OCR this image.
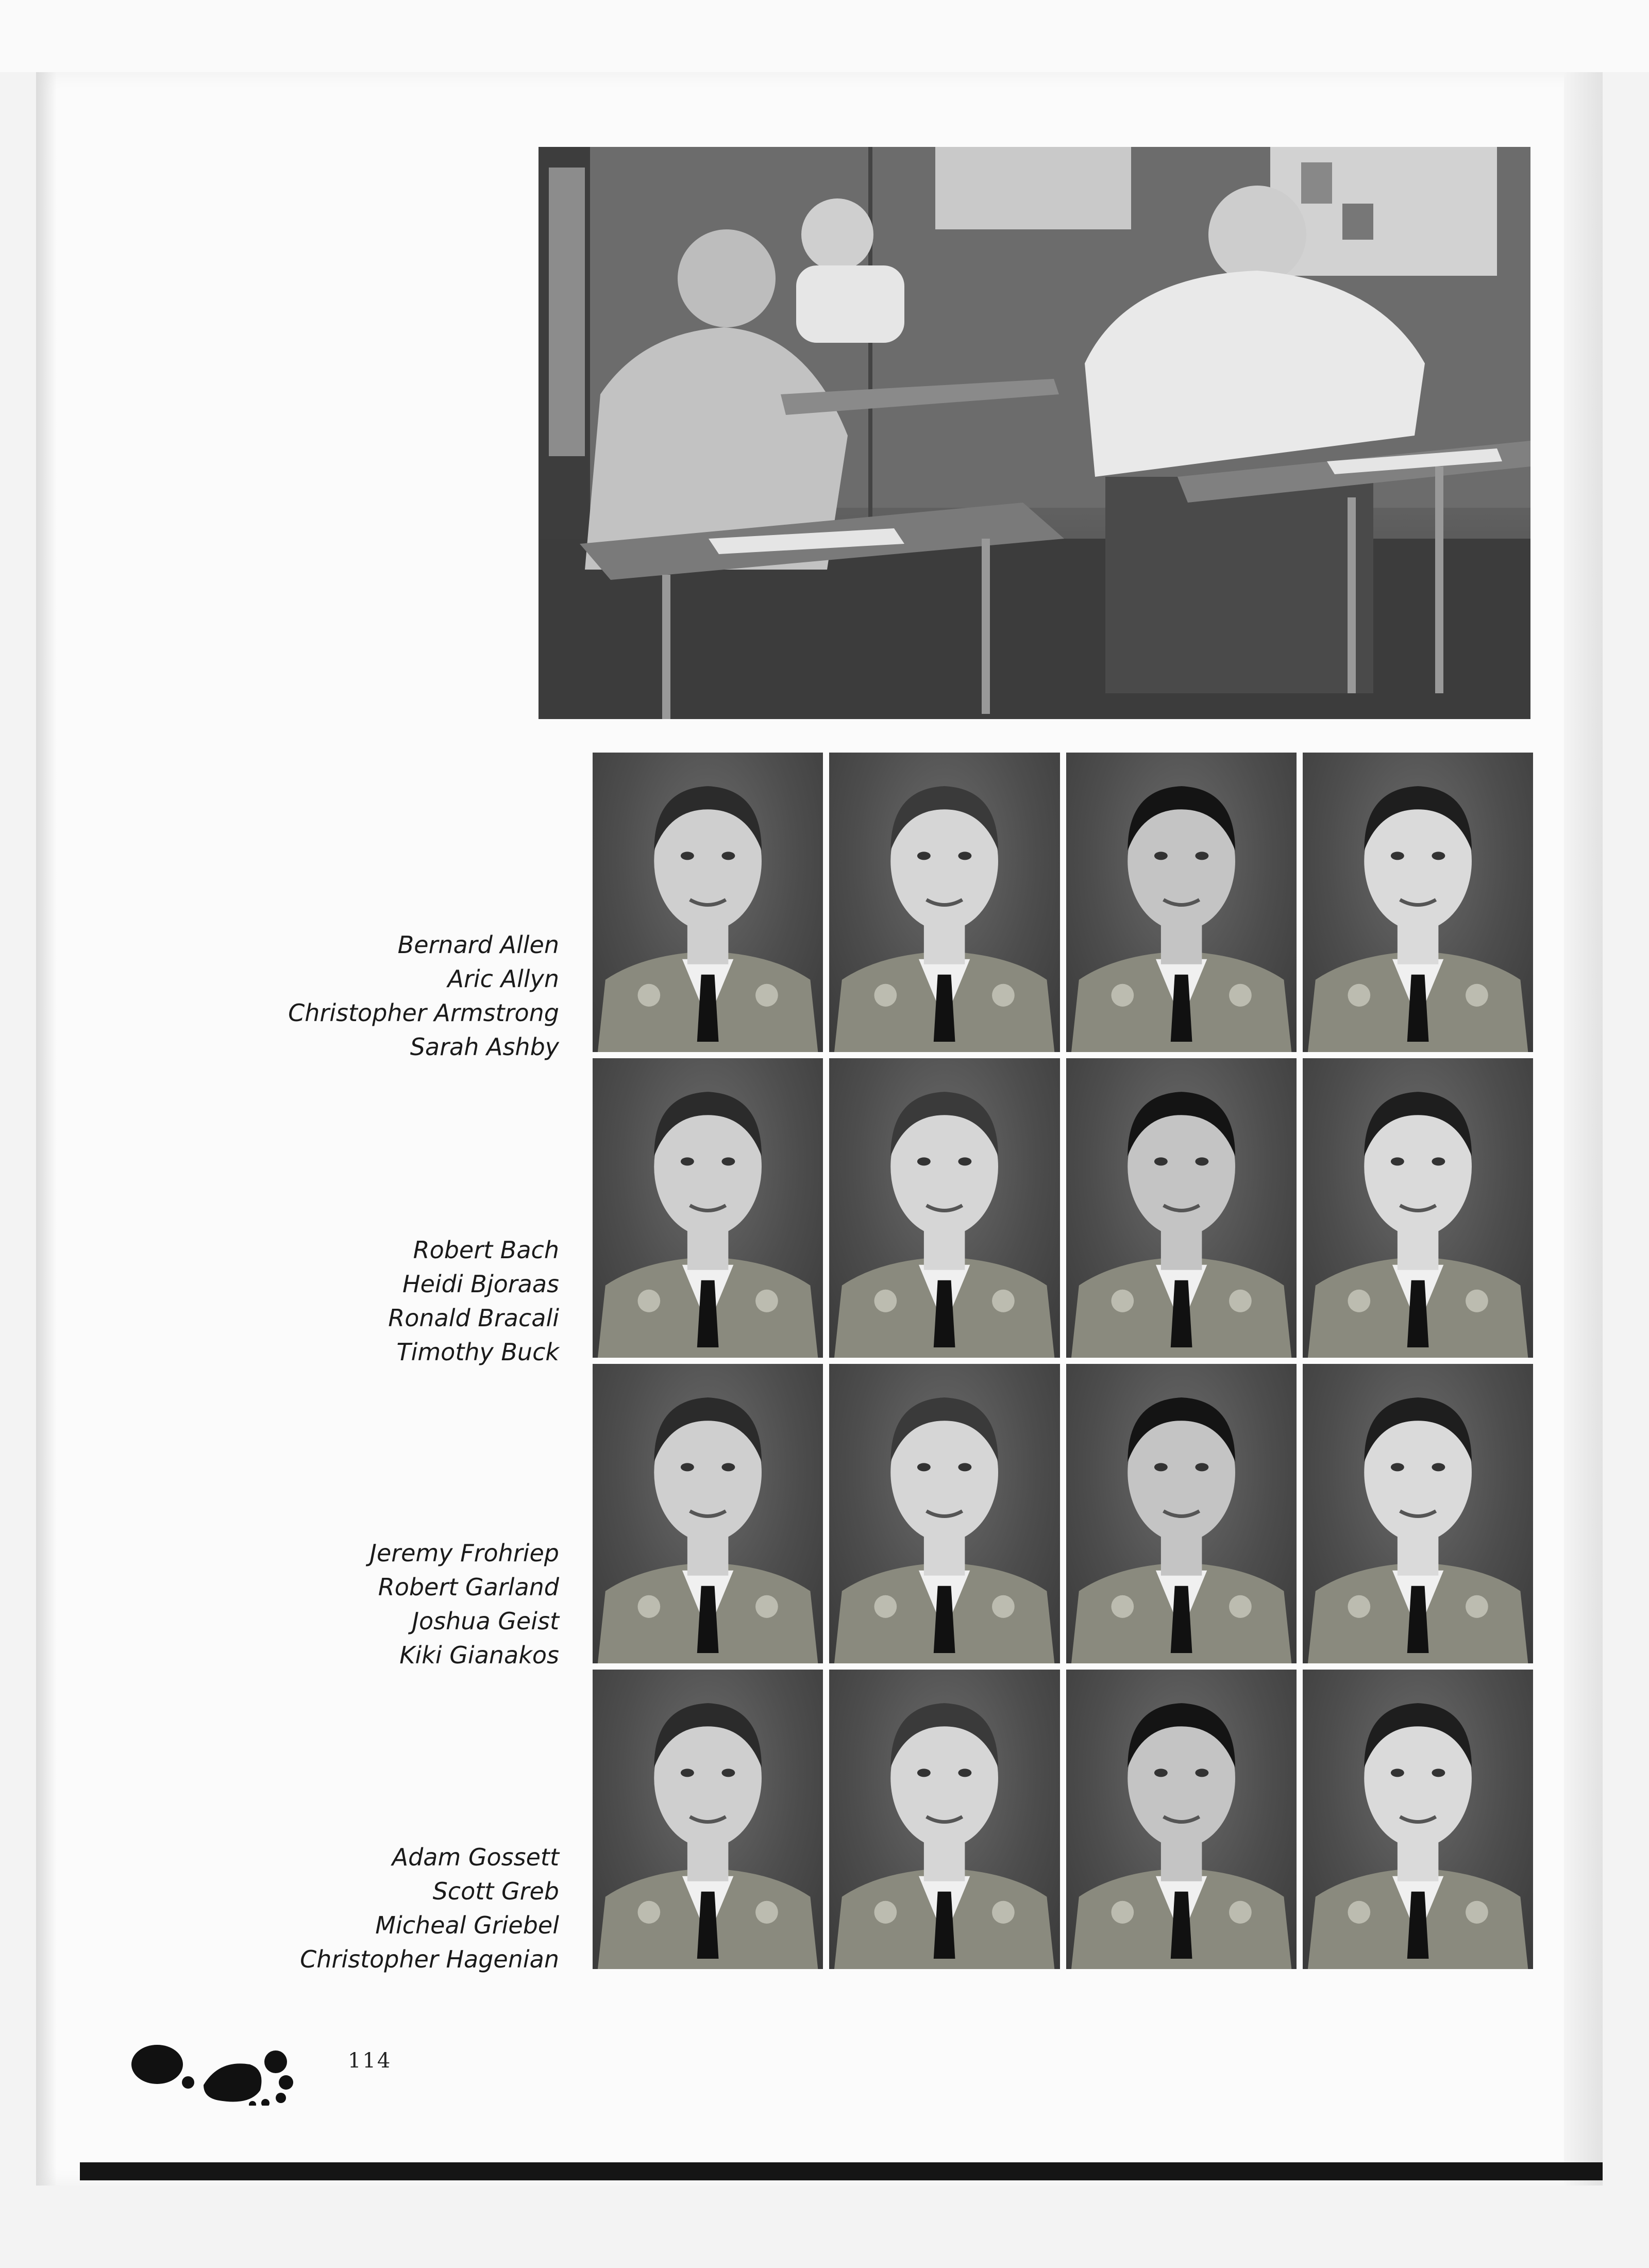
Bernard Allen
Aric Allyn
Christopher Armstrong
Sarah Ashby
Robert Bach
Heidi Bjoraas
Ronald Bracali
Timothy Buck
Jeremy Frohriep
Robert Garland
Joshua Geist
Kiki Gianakos
Adam Gossett
Scott Greb
Micheal Griebel
Christopher Hagenian
114
